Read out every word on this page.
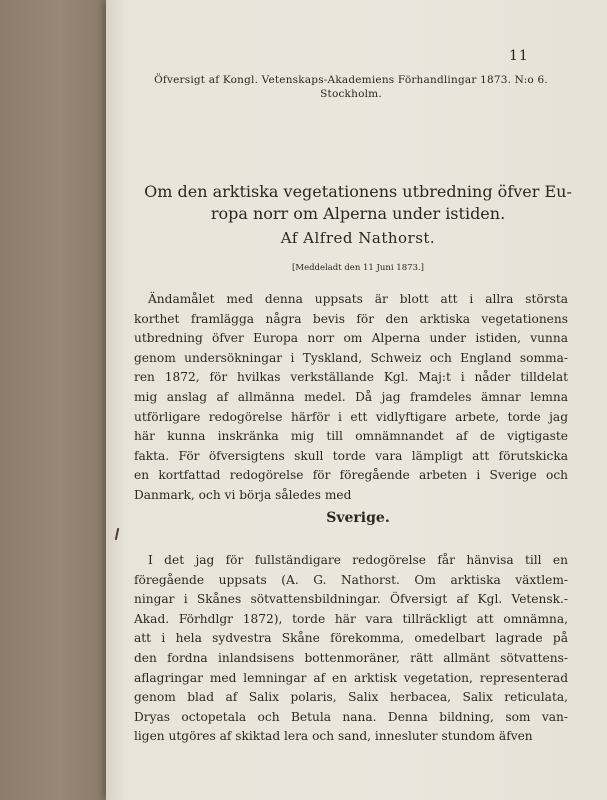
11
Öfversigt af Kongl. Vetenskaps-Akademiens Förhandlingar 1873. N:o 6.
Stockholm.
Om den arktiska vegetationens utbredning öfver Eu-
ropa norr om Alperna under istiden.
Af Alfred Nathorst.
[Meddeladt den 11 Juni 1873.]
Ändamålet med denna uppsats är blott att i allra största
korthet framlägga några bevis för den arktiska vegetationens
utbredning öfver Europa norr om Alperna under istiden, vunna
genom undersökningar i Tyskland, Schweiz och England somma-
ren 1872, för hvilkas verkställande Kgl. Maj:t i nåder tilldelat
mig anslag af allmänna medel. Då jag framdeles ämnar lemna
utförligare redogörelse härför i ett vidlyftigare arbete, torde jag
här kunna inskränka mig till omnämnandet af de vigtigaste
fakta. För öfversigtens skull torde vara lämpligt att förutskicka
en kortfattad redogörelse för föregående arbeten i Sverige och
Danmark, och vi börja således med
Sverige.
I det jag för fullständigare redogörelse får hänvisa till en
föregående uppsats (A. G. Nathorst. Om arktiska växtlem-
ningar i Skånes sötvattensbildningar. Öfversigt af Kgl. Vetensk.-
Akad. Förhdlgr 1872), torde här vara tillräckligt att omnämna,
att i hela sydvestra Skåne förekomma, omedelbart lagrade på
den fordna inlandsisens bottenmoräner, rätt allmänt sötvattens-
aflagringar med lemningar af en arktisk vegetation, representerad
genom blad af Salix polaris, Salix herbacea, Salix reticulata,
Dryas octopetala och Betula nana. Denna bildning, som van-
ligen utgöres af skiktad lera och sand, innesluter stundom äfven
